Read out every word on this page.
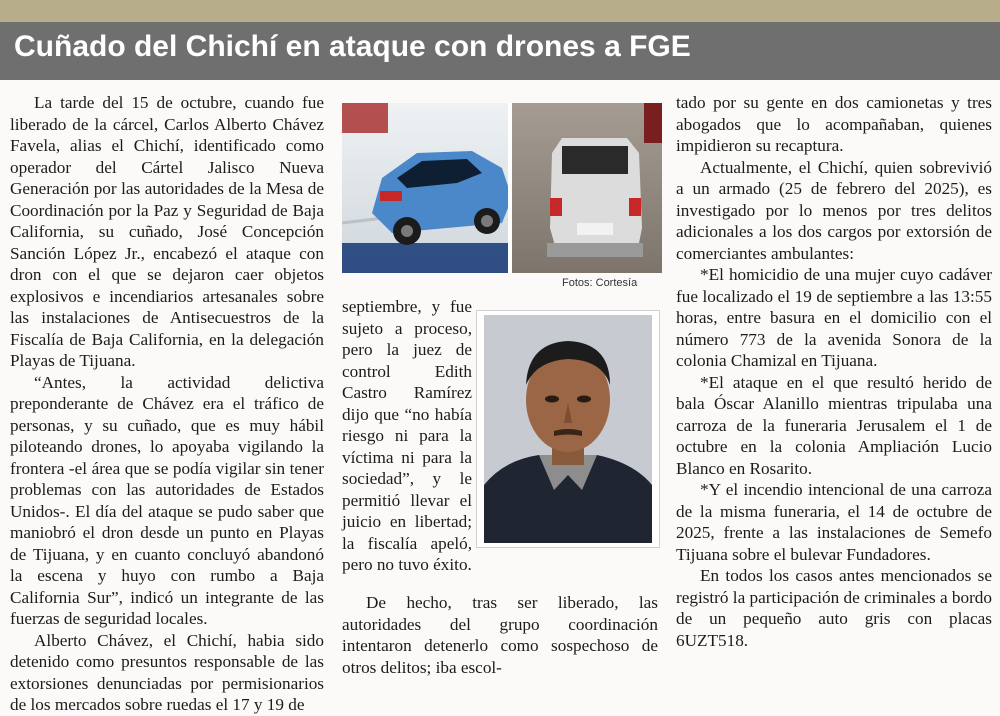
Cuñado del Chichí en ataque con drones a FGE

La tarde del 15 de octubre, cuando fue liberado de la cárcel, Carlos Alberto Chávez Favela, alias el Chichí, identificado como operador del Cártel Jalisco Nueva Generación por las autoridades de la Mesa de Coordinación por la Paz y Seguridad de Baja California, su cuñado, José Concepción Sanción López Jr., encabezó el ataque con dron con el que se dejaron caer objetos explosivos e incendiarios artesanales sobre las instalaciones de Antisecuestros de la Fiscalía de Baja California, en la delegación Playas de Tijuana.

“Antes, la actividad delictiva preponderante de Chávez era el tráfico de personas, y su cuñado, que es muy hábil piloteando drones, lo apoyaba vigilando la frontera -el área que se podía vigilar sin tener problemas con las autoridades de Estados Unidos-. El día del ataque se pudo saber que maniobró el dron desde un punto en Playas de Tijuana, y en cuanto concluyó abandonó la escena y huyo con rumbo a Baja California Sur”, indicó un integrante de las fuerzas de seguridad locales.

Alberto Chávez, el Chichí, habia sido detenido como presuntos responsable de las extorsiones denunciadas por permisionarios de los mercados sobre ruedas el 17 y 19 de

Fotos: Cortesía

septiembre, y fue sujeto a proceso, pero la juez de control Edith Castro Ramírez dijo que “no había riesgo ni para la víctima ni para la sociedad”, y le permitió llevar el juicio en libertad; la fiscalía apeló, pero no tuvo éxito.

De hecho, tras ser liberado, las autoridades del grupo coordinación intentaron detenerlo como sospechoso de otros delitos; iba escol-

tado por su gente en dos camionetas y tres abogados que lo acompañaban, quienes impidieron su recaptura.

Actualmente, el Chichí, quien sobrevivió a un armado (25 de febrero del 2025), es investigado por lo menos por tres delitos adicionales a los dos cargos por extorsión de comerciantes ambulantes:

*El homicidio de una mujer cuyo cadáver fue localizado el 19 de septiembre a las 13:55 horas, entre basura en el domicilio con el número 773 de la avenida Sonora de la colonia Chamizal en Tijuana.

*El ataque en el que resultó herido de bala Óscar Alanillo mientras tripulaba una carroza de la funeraria Jerusalem el 1 de octubre en la colonia Ampliación Lucio Blanco en Rosarito.

*Y el incendio intencional de una carroza de la misma funeraria, el 14 de octubre de 2025, frente a las instalaciones de Semefo Tijuana sobre el bulevar Fundadores.

En todos los casos antes mencionados se registró la participación de criminales a bordo de un pequeño auto gris con placas 6UZT518.
